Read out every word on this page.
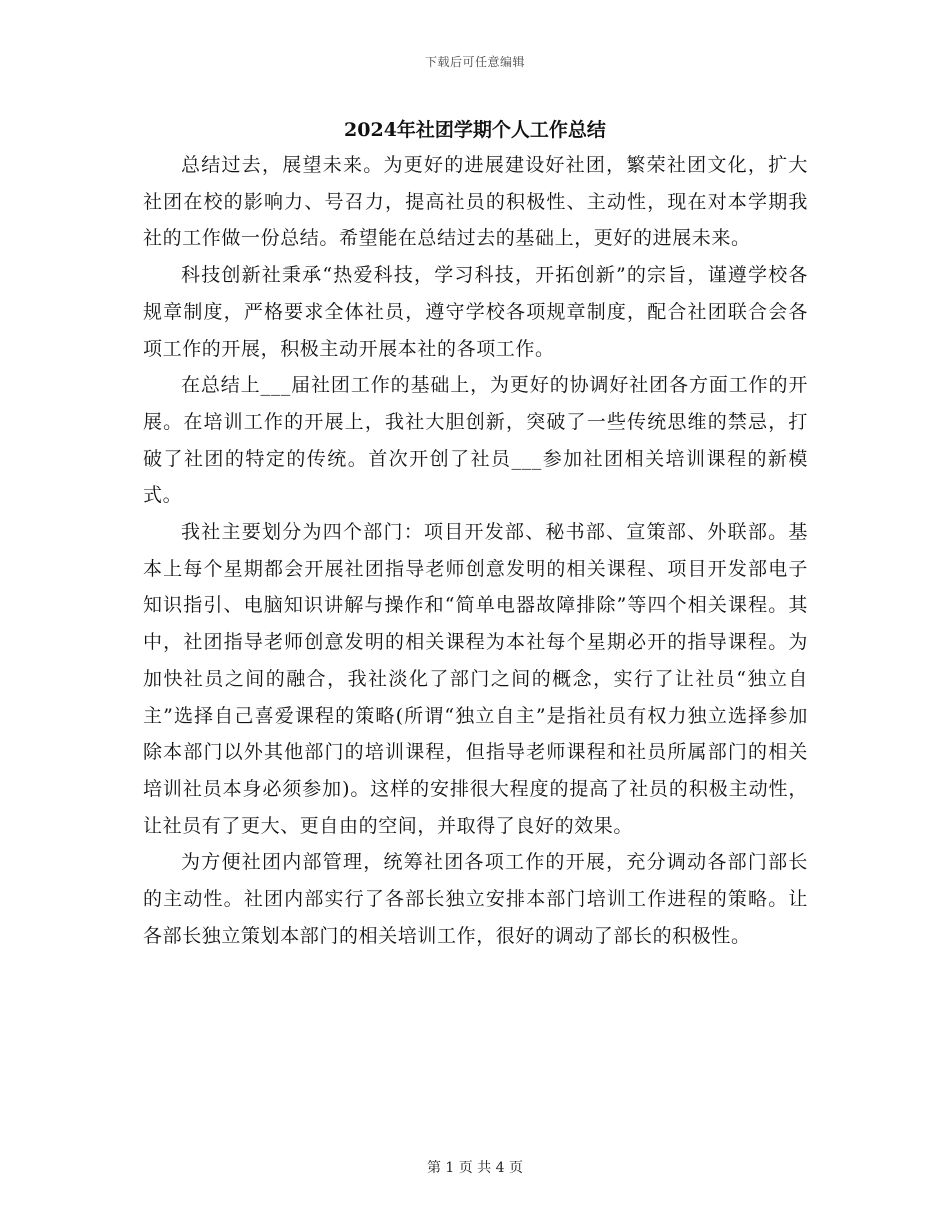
下载后可任意编辑
2024年社团学期个人工作总结

总结过去，展望未来。为更好的进展建设好社团，繁荣社团文化，扩大社团在校的影响力、号召力，提高社员的积极性、主动性，现在对本学期我社的工作做一份总结。希望能在总结过去的基础上，更好的进展未来。

科技创新社秉承“热爱科技，学习科技，开拓创新”的宗旨，谨遵学校各规章制度，严格要求全体社员，遵守学校各项规章制度，配合社团联合会各项工作的开展，积极主动开展本社的各项工作。

在总结上___届社团工作的基础上，为更好的协调好社团各方面工作的开展。在培训工作的开展上，我社大胆创新，突破了一些传统思维的禁忌，打破了社团的特定的传统。首次开创了社员___参加社团相关培训课程的新模式。

我社主要划分为四个部门：项目开发部、秘书部、宣策部、外联部。基本上每个星期都会开展社团指导老师创意发明的相关课程、项目开发部电子知识指引、电脑知识讲解与操作和“简单电器故障排除”等四个相关课程。其中，社团指导老师创意发明的相关课程为本社每个星期必开的指导课程。为加快社员之间的融合，我社淡化了部门之间的概念，实行了让社员“独立自主”选择自己喜爱课程的策略(所谓“独立自主”是指社员有权力独立选择参加除本部门以外其他部门的培训课程，但指导老师课程和社员所属部门的相关培训社员本身必须参加)。这样的安排很大程度的提高了社员的积极主动性，让社员有了更大、更自由的空间，并取得了良好的效果。

为方便社团内部管理，统筹社团各项工作的开展，充分调动各部门部长的主动性。社团内部实行了各部长独立安排本部门培训工作进程的策略。让各部长独立策划本部门的相关培训工作，很好的调动了部长的积极性。

第 1 页 共 4 页
